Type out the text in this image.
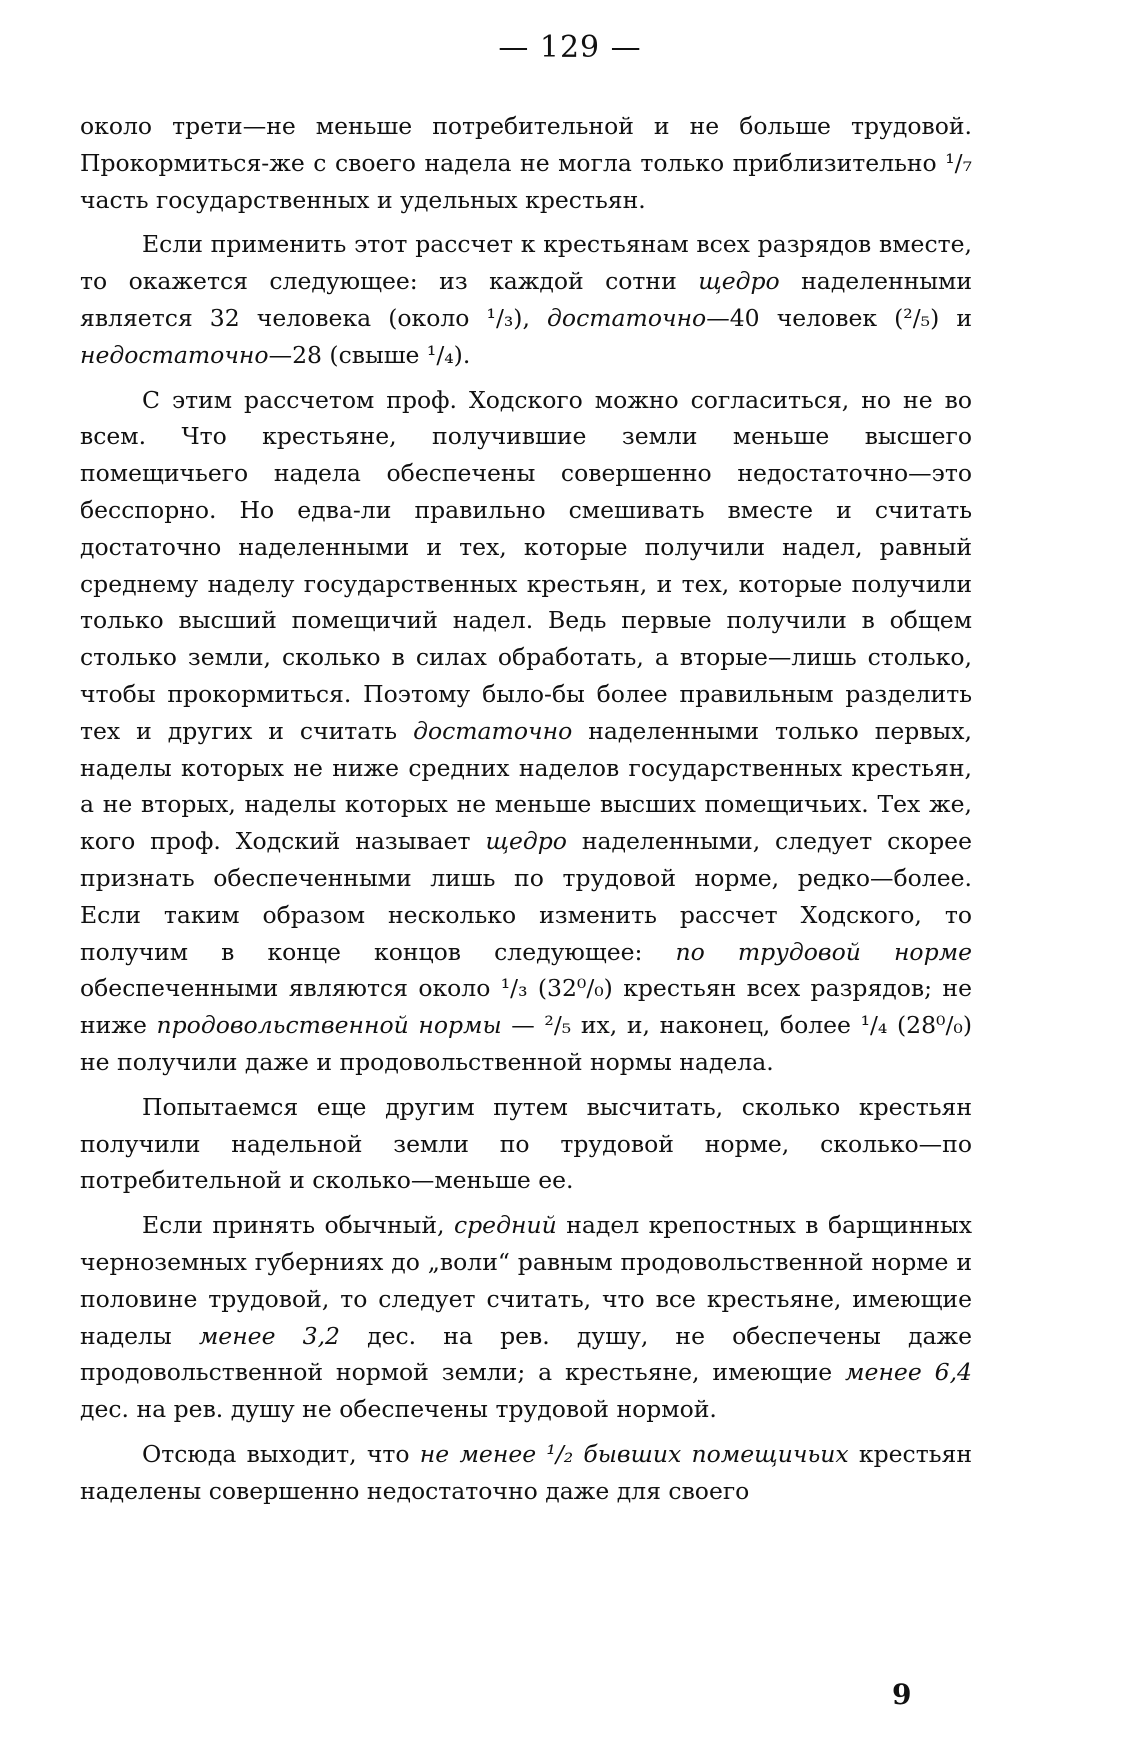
— 129 —

около трети—не меньше потребительной и не больше трудовой. Прокормиться-же с своего надела не могла только приблизительно ¹/₇ часть государственных и удельных крестьян.

Если применить этот рассчет к крестьянам всех разрядов вместе, то окажется следующее: из каждой сотни щедро наделенными является 32 человека (около ¹/₃), достаточно—40 человек (²/₅) и недостаточно—28 (свыше ¹/₄).

С этим рассчетом проф. Ходского можно согласиться, но не во всем. Что крестьяне, получившие земли меньше высшего помещичьего надела обеспечены совершенно недостаточно—это бесспорно. Но едва-ли правильно смешивать вместе и считать достаточно наделенными и тех, которые получили надел, равный среднему наделу государственных крестьян, и тех, которые получили только высший помещичий надел. Ведь первые получили в общем столько земли, сколько в силах обработать, а вторые—лишь столько, чтобы прокормиться. Поэтому было-бы более правильным разделить тех и других и считать достаточно наделенными только первых, наделы которых не ниже средних наделов государственных крестьян, а не вторых, наделы которых не меньше высших помещичьих. Тех же, кого проф. Ходский называет щедро наделенными, следует скорее признать обеспеченными лишь по трудовой норме, редко—более. Если таким образом несколько изменить рассчет Ходского, то получим в конце концов следующее: по трудовой норме обеспеченными являются около ¹/₃ (32⁰/₀) крестьян всех разрядов; не ниже продовольственной нормы — ²/₅ их, и, наконец, более ¹/₄ (28⁰/₀) не получили даже и продовольственной нормы надела.

Попытаемся еще другим путем высчитать, сколько крестьян получили надельной земли по трудовой норме, сколько—по потребительной и сколько—меньше ее.

Если принять обычный, средний надел крепостных в барщинных черноземных губерниях до „воли“ равным продовольственной норме и половине трудовой, то следует считать, что все крестьяне, имеющие наделы менее 3,2 дес. на рев. душу, не обеспечены даже продовольственной нормой земли; а крестьяне, имеющие менее 6,4 дес. на рев. душу не обеспечены трудовой нормой.

Отсюда выходит, что не менее ¹/₂ бывших помещичьих крестьян наделены совершенно недостаточно даже для своего

9
